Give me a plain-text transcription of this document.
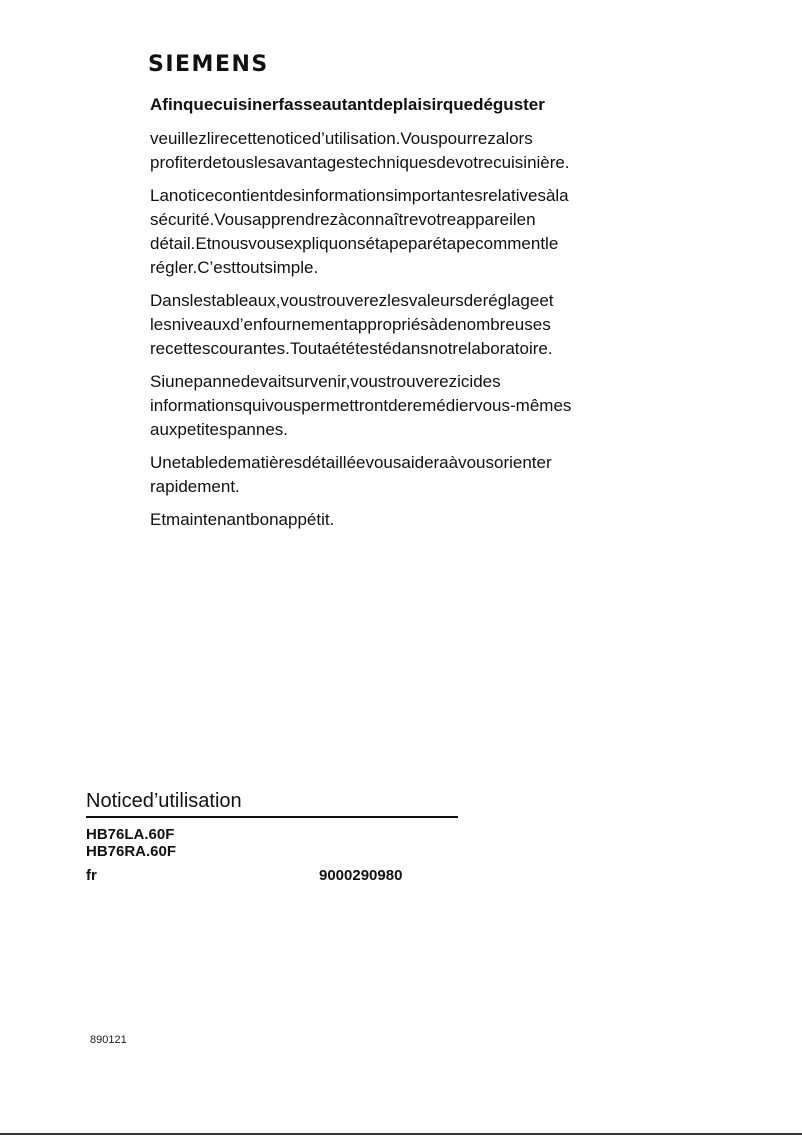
SIEMENS
Afinquecuisinerfasseautantdeplaisirquedéguster
veuillezlirecettenoticed’utilisation.Vouspourrezalors
profiterdetouslesavantagestechniquesdevotrecuisinière.
Lanoticecontientdesinformationsimportantesrelativesàla
sécurité.Vousapprendrezàconnaîtrevotreappareilen
détail.Etnousvousexpliquonsétapeparétapecommentle
régler.C’esttoutsimple.
Danslestableaux,voustrouverezlesvaleursderéglageet
lesniveauxd’enfournementappropriésàdenombreuses
recettescourantes.Toutaététestédansnotrelaboratoire.
Siunepannedevaitsurvenir,voustrouverezicides
informationsquivouspermettrontderemédiervous-mêmes
auxpetitespannes.
Unetabledematièresdétailléevousaideraàvousorienter
rapidement.
Etmaintenantbonappétit.
Noticed’utilisation
HB76LA.60F
HB76RA.60F
fr	9000290980
890121
